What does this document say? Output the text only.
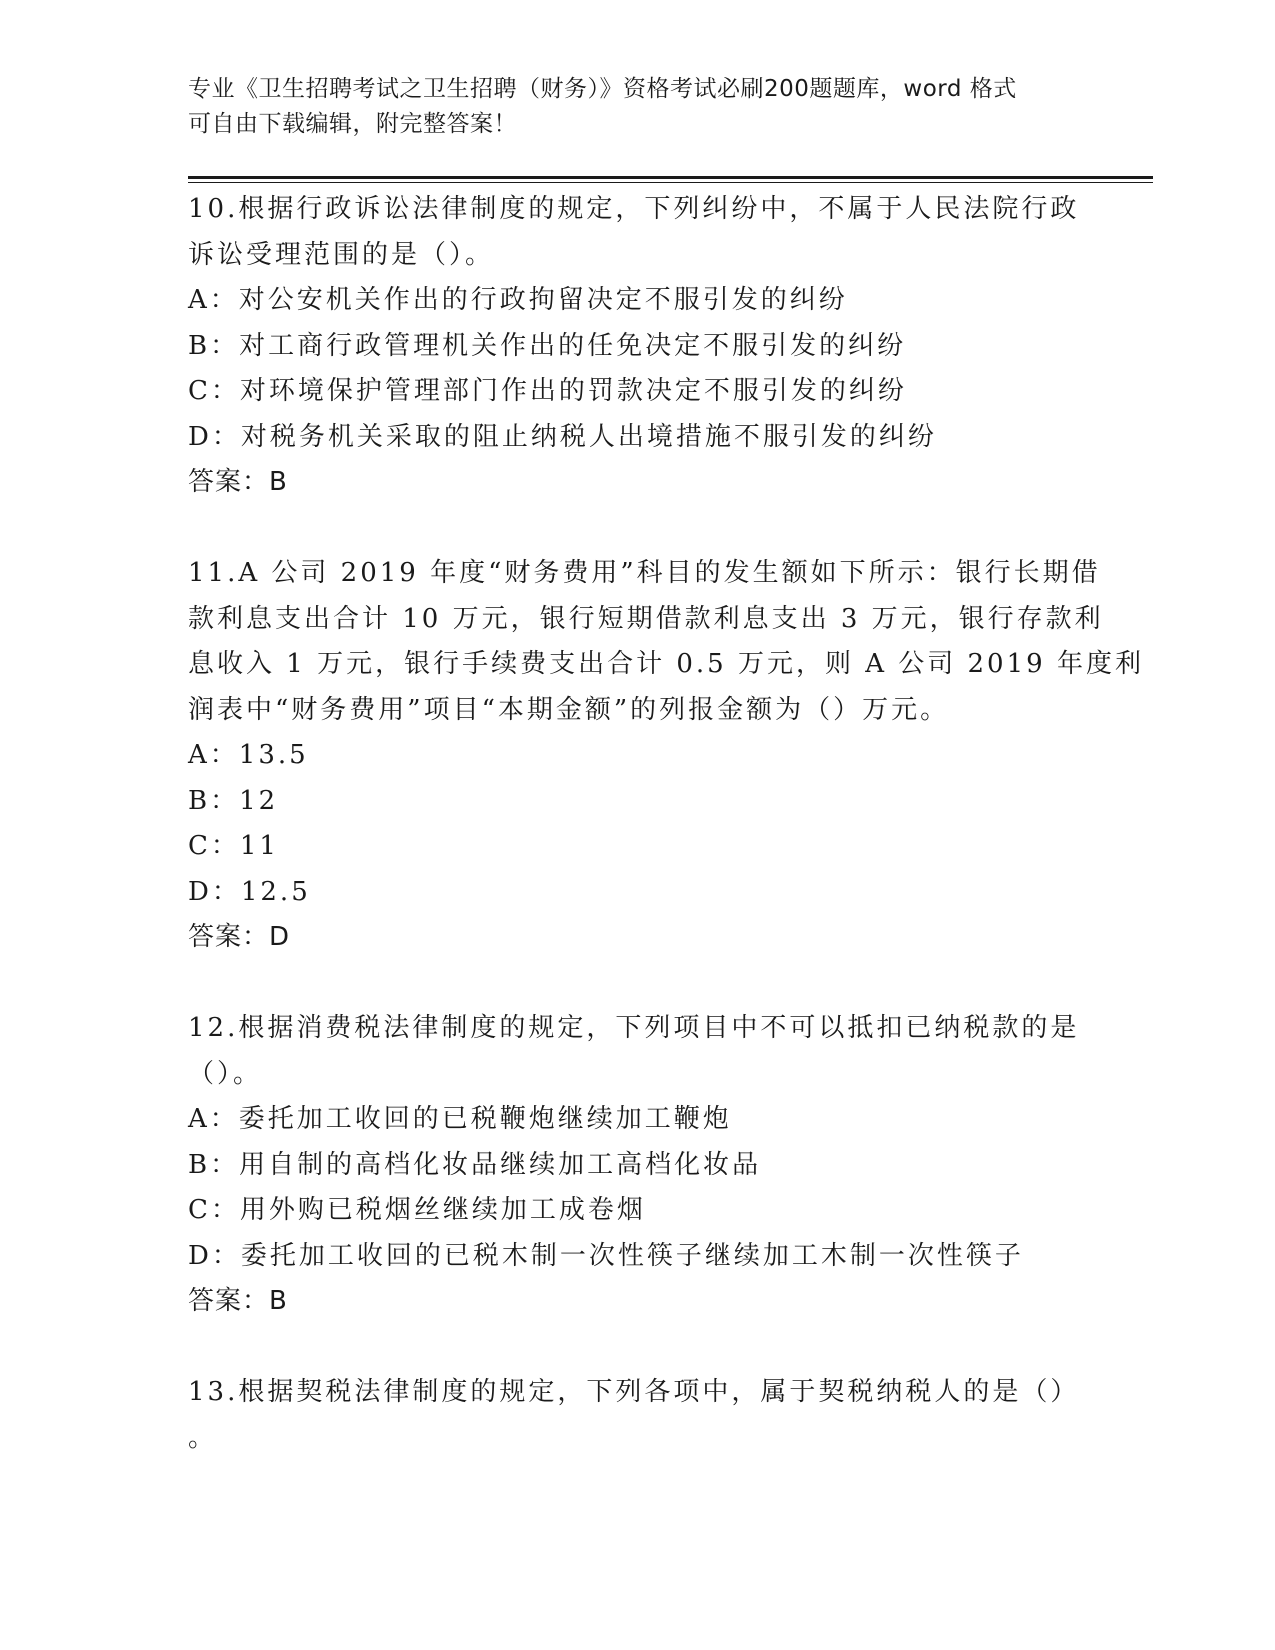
专业《卫生招聘考试之卫生招聘（财务）》资格考试必刷200题题库，word 格式
可自由下载编辑，附完整答案！
10.根据行政诉讼法律制度的规定，下列纠纷中，不属于人民法院行政
诉讼受理范围的是（）。
A：对公安机关作出的行政拘留决定不服引发的纠纷
B：对工商行政管理机关作出的任免决定不服引发的纠纷
C：对环境保护管理部门作出的罚款决定不服引发的纠纷
D：对税务机关采取的阻止纳税人出境措施不服引发的纠纷
答案：B
11.A 公司 2019 年度“财务费用”科目的发生额如下所示：银行长期借
款利息支出合计 10 万元，银行短期借款利息支出 3 万元，银行存款利
息收入 1 万元，银行手续费支出合计 0.5 万元，则 A 公司 2019 年度利
润表中“财务费用”项目“本期金额”的列报金额为（）万元。
A：13.5
B：12
C：11
D：12.5
答案：D
12.根据消费税法律制度的规定，下列项目中不可以抵扣已纳税款的是
（）。
A：委托加工收回的已税鞭炮继续加工鞭炮
B：用自制的高档化妆品继续加工高档化妆品
C：用外购已税烟丝继续加工成卷烟
D：委托加工收回的已税木制一次性筷子继续加工木制一次性筷子
答案：B
13.根据契税法律制度的规定，下列各项中，属于契税纳税人的是（）
。
